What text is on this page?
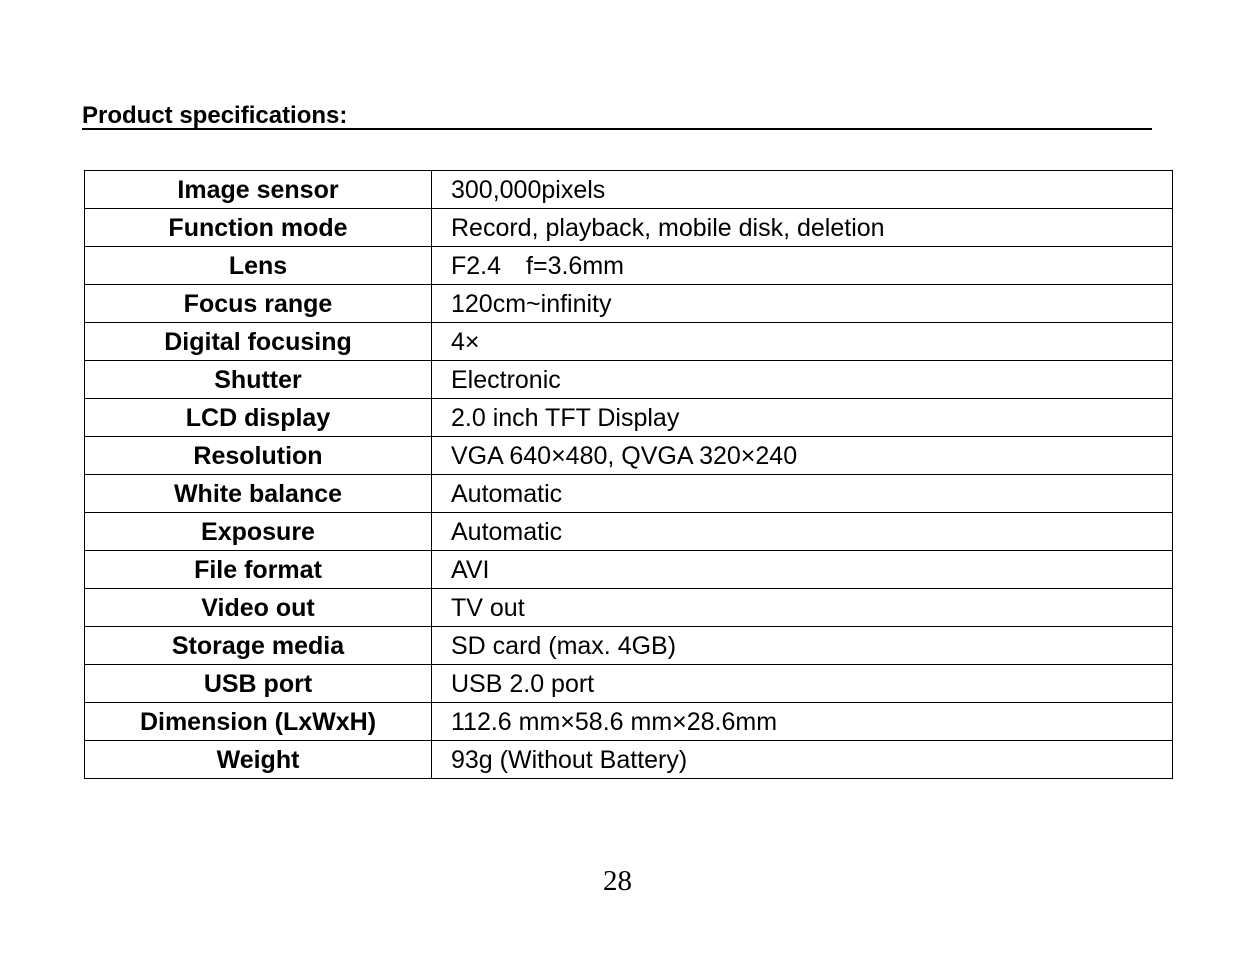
Product specifications:
Image sensor	300,000pixels
Function mode	Record, playback, mobile disk, deletion
Lens	F2.4　f=3.6mm
Focus range	120cm~infinity
Digital focusing	4×
Shutter	Electronic
LCD display	2.0 inch TFT Display
Resolution	VGA 640×480, QVGA 320×240
White balance	Automatic
Exposure	Automatic
File format	AVI
Video out	TV out
Storage media	SD card (max. 4GB)
USB port	USB 2.0 port
Dimension (LxWxH)	112.6 mm×58.6 mm×28.6mm
Weight	93g (Without Battery)
28
